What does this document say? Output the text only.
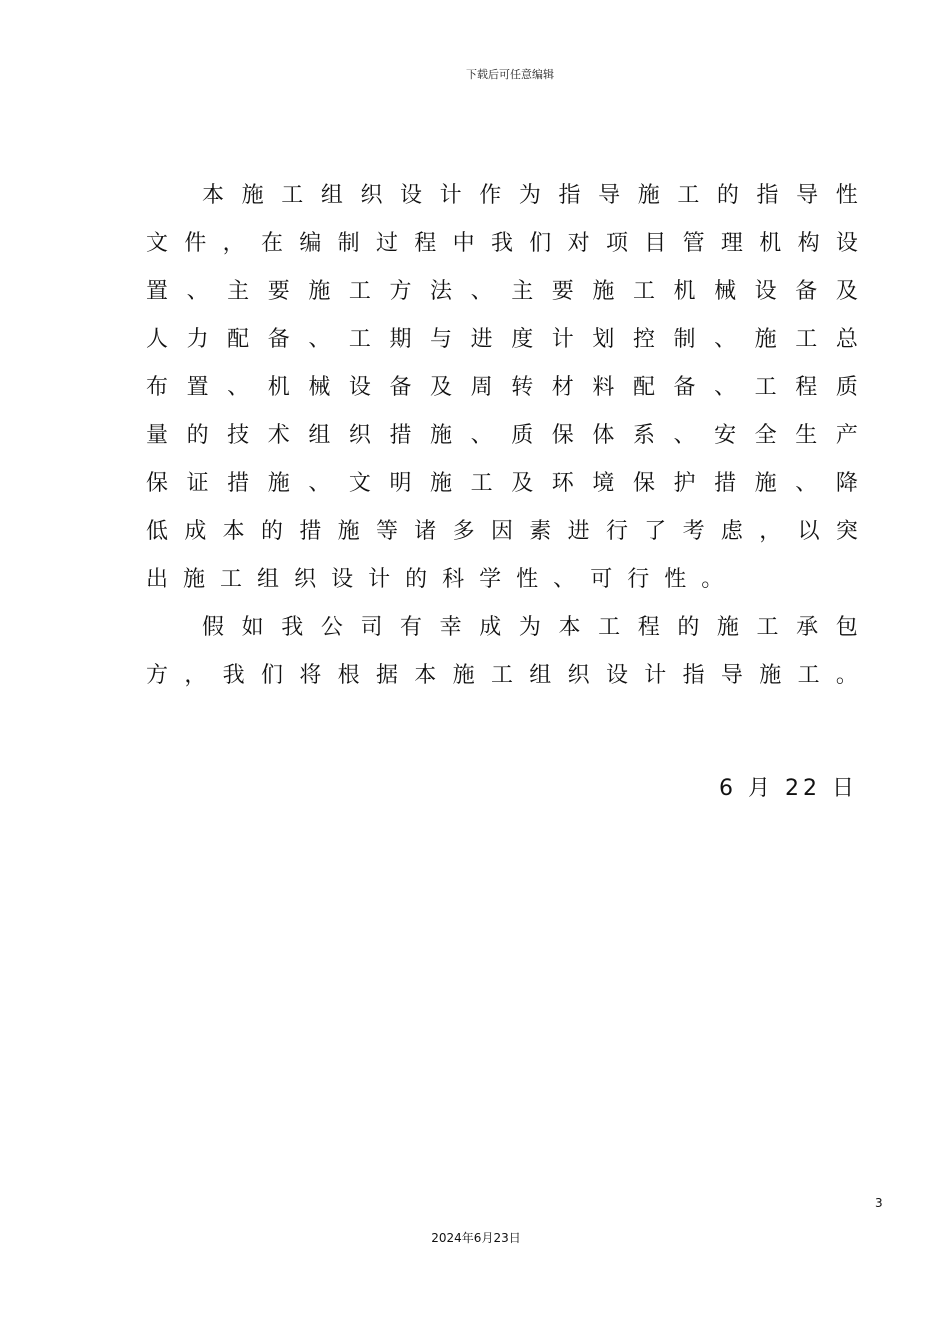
下载后可任意编辑
本 施 工 组 织 设 计 作 为 指 导 施 工 的 指 导 性
文 件 ， 在 编 制 过 程 中 我 们 对 项 目 管 理 机 构 设
置 、 主 要 施 工 方 法 、 主 要 施 工 机 械 设 备 及
人 力 配 备 、 工 期 与 进 度 计 划 控 制 、 施 工 总
布 置 、 机 械 设 备 及 周 转 材 料 配 备 、 工 程 质
量 的 技 术 组 织 措 施 、 质 保 体 系 、 安 全 生 产
保 证 措 施 、 文 明 施 工 及 环 境 保 护 措 施 、 降
低 成 本 的 措 施 等 诸 多 因 素 进 行 了 考 虑 ， 以 突
出 施 工 组 织 设 计 的 科 学 性 、 可 行 性 。
假 如 我 公 司 有 幸 成 为 本 工 程 的 施 工 承 包
方 ， 我 们 将 根 据 本 施 工 组 织 设 计 指 导 施 工 。
6 月 22 日
3
2024年6月23日
